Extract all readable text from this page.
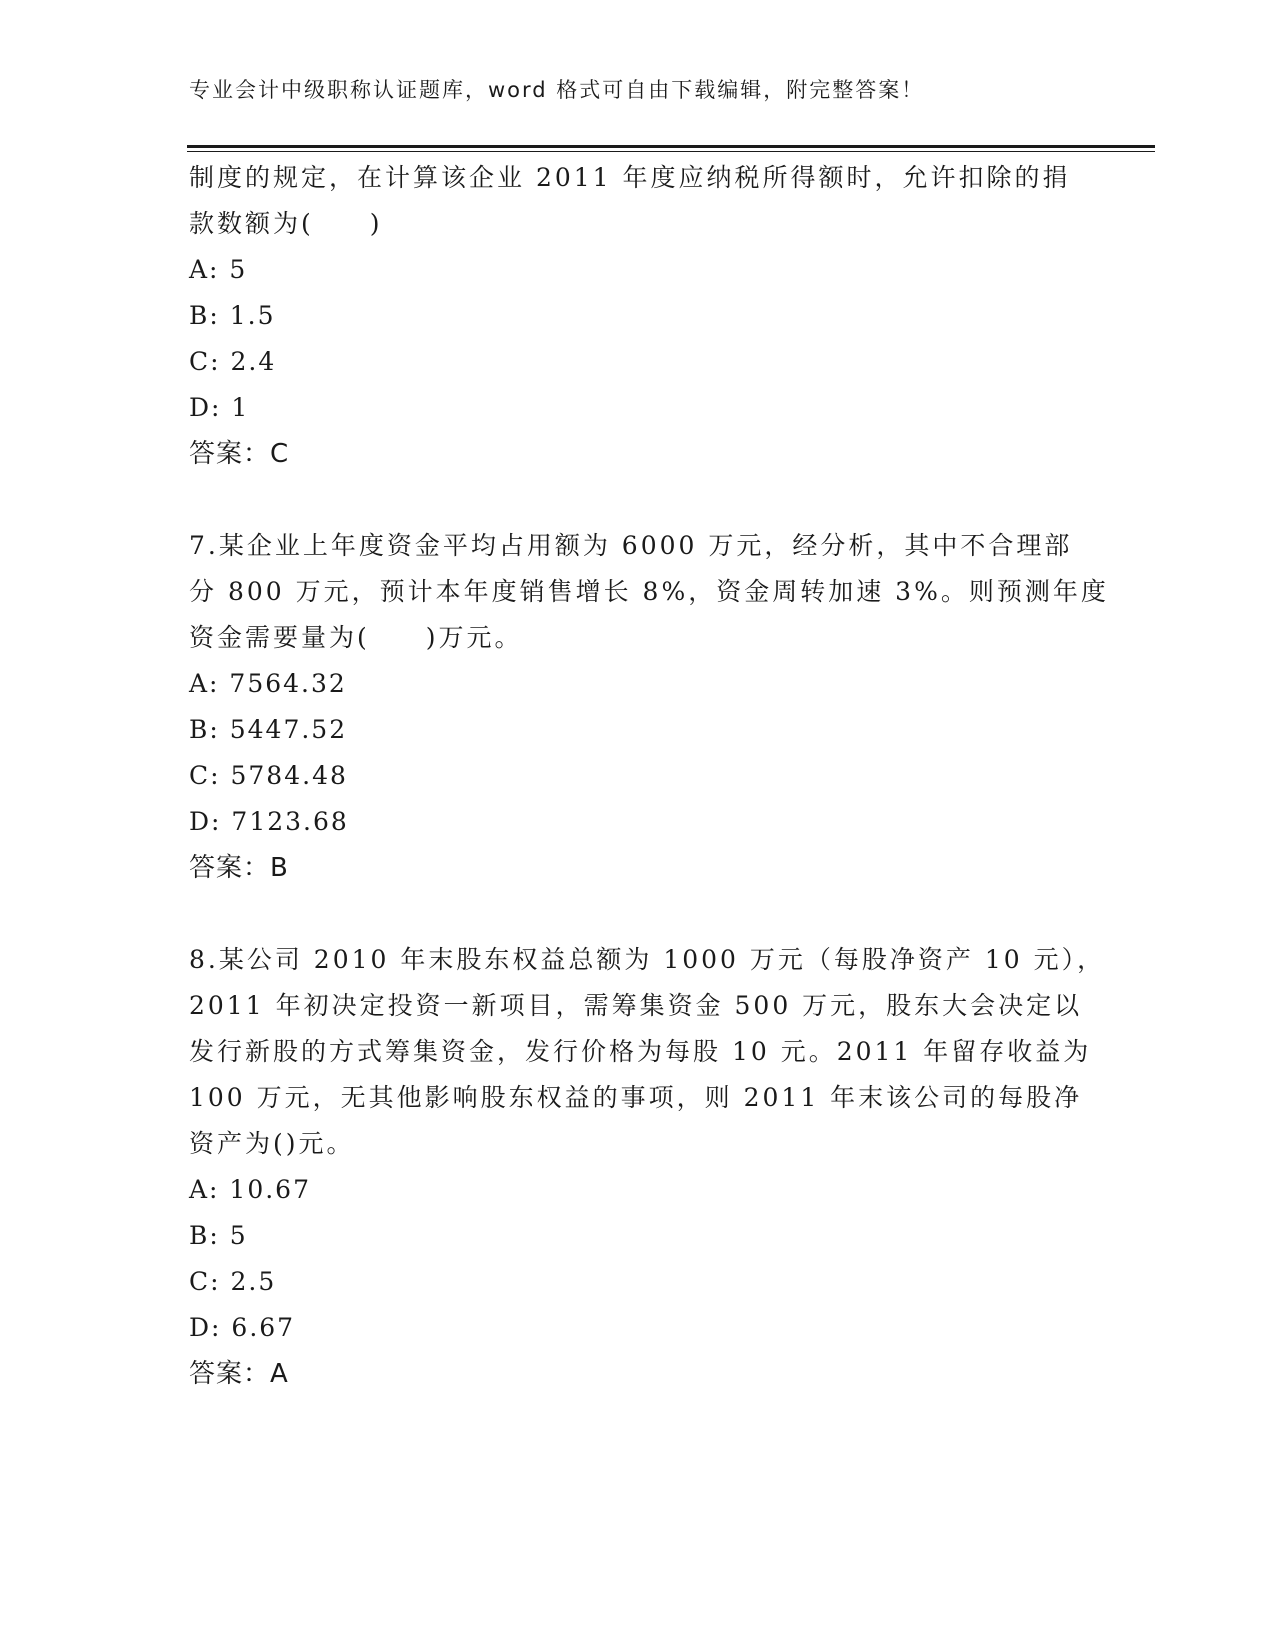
专业会计中级职称认证题库，word 格式可自由下载编辑，附完整答案！
制度的规定，在计算该企业 2011 年度应纳税所得额时，允许扣除的捐
款数额为(　　)
A: 5
B: 1.5
C: 2.4
D: 1
答案：C
7.某企业上年度资金平均占用额为 6000 万元，经分析，其中不合理部
分 800 万元，预计本年度销售增长 8%，资金周转加速 3%。则预测年度
资金需要量为(　　)万元。
A: 7564.32
B: 5447.52
C: 5784.48
D: 7123.68
答案：B
8.某公司 2010 年末股东权益总额为 1000 万元（每股净资产 10 元），
2011 年初决定投资一新项目，需筹集资金 500 万元，股东大会决定以
发行新股的方式筹集资金，发行价格为每股 10 元。2011 年留存收益为
100 万元，无其他影响股东权益的事项，则 2011 年末该公司的每股净
资产为()元。
A: 10.67
B: 5
C: 2.5
D: 6.67
答案：A
